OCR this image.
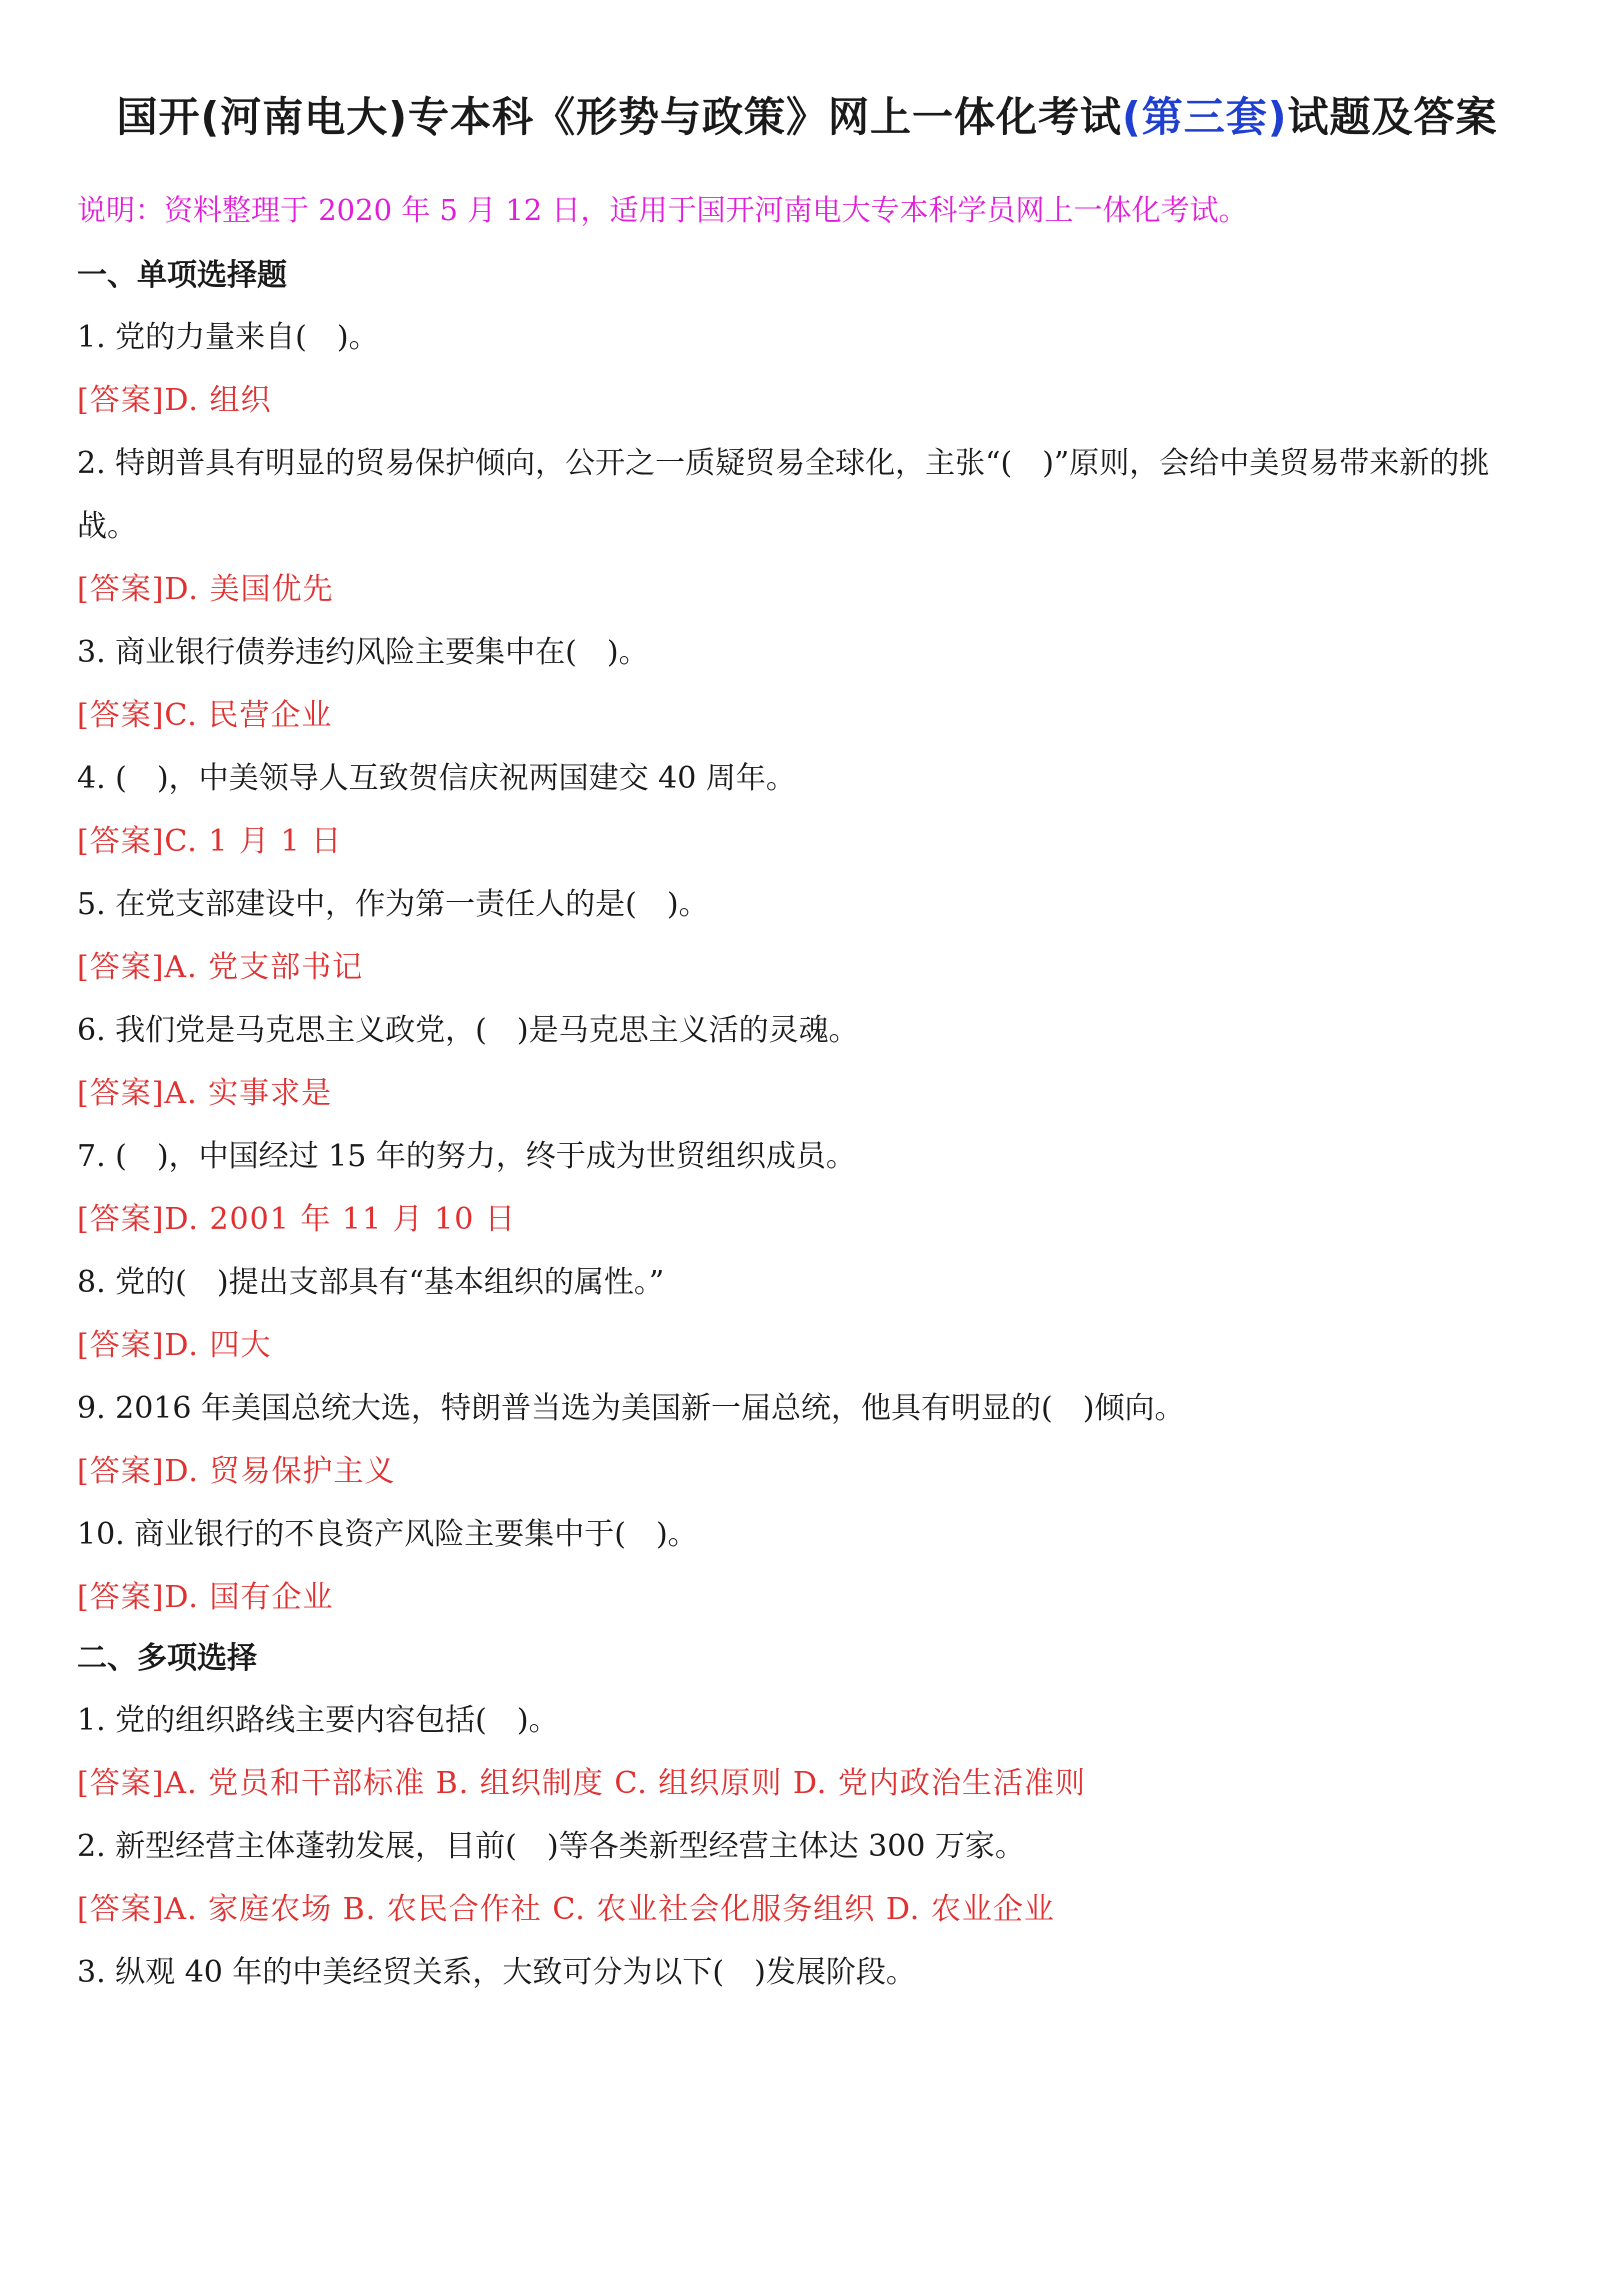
国开(河南电大)专本科《形势与政策》网上一体化考试(第三套)试题及答案

说明：资料整理于 2020 年 5 月 12 日，适用于国开河南电大专本科学员网上一体化考试。

一、单项选择题

1. 党的力量来自(　)。

[答案]D. 组织

2. 特朗普具有明显的贸易保护倾向，公开之一质疑贸易全球化，主张“(　)”原则，会给中美贸易带来新的挑战。

[答案]D. 美国优先

3. 商业银行债券违约风险主要集中在(　)。

[答案]C. 民营企业

4. (　)，中美领导人互致贺信庆祝两国建交 40 周年。

[答案]C. 1 月 1 日

5. 在党支部建设中，作为第一责任人的是(　)。

[答案]A. 党支部书记

6. 我们党是马克思主义政党，(　)是马克思主义活的灵魂。

[答案]A. 实事求是

7. (　)，中国经过 15 年的努力，终于成为世贸组织成员。

[答案]D. 2001 年 11 月 10 日

8. 党的(　)提出支部具有“基本组织的属性。”

[答案]D. 四大

9. 2016 年美国总统大选，特朗普当选为美国新一届总统，他具有明显的(　)倾向。

[答案]D. 贸易保护主义

10. 商业银行的不良资产风险主要集中于(　)。

[答案]D. 国有企业

二、多项选择

1. 党的组织路线主要内容包括(　)。

[答案]A. 党员和干部标准 B. 组织制度 C. 组织原则 D. 党内政治生活准则

2. 新型经营主体蓬勃发展，目前(　)等各类新型经营主体达 300 万家。

[答案]A. 家庭农场 B. 农民合作社 C. 农业社会化服务组织 D. 农业企业

3. 纵观 40 年的中美经贸关系，大致可分为以下(　)发展阶段。
